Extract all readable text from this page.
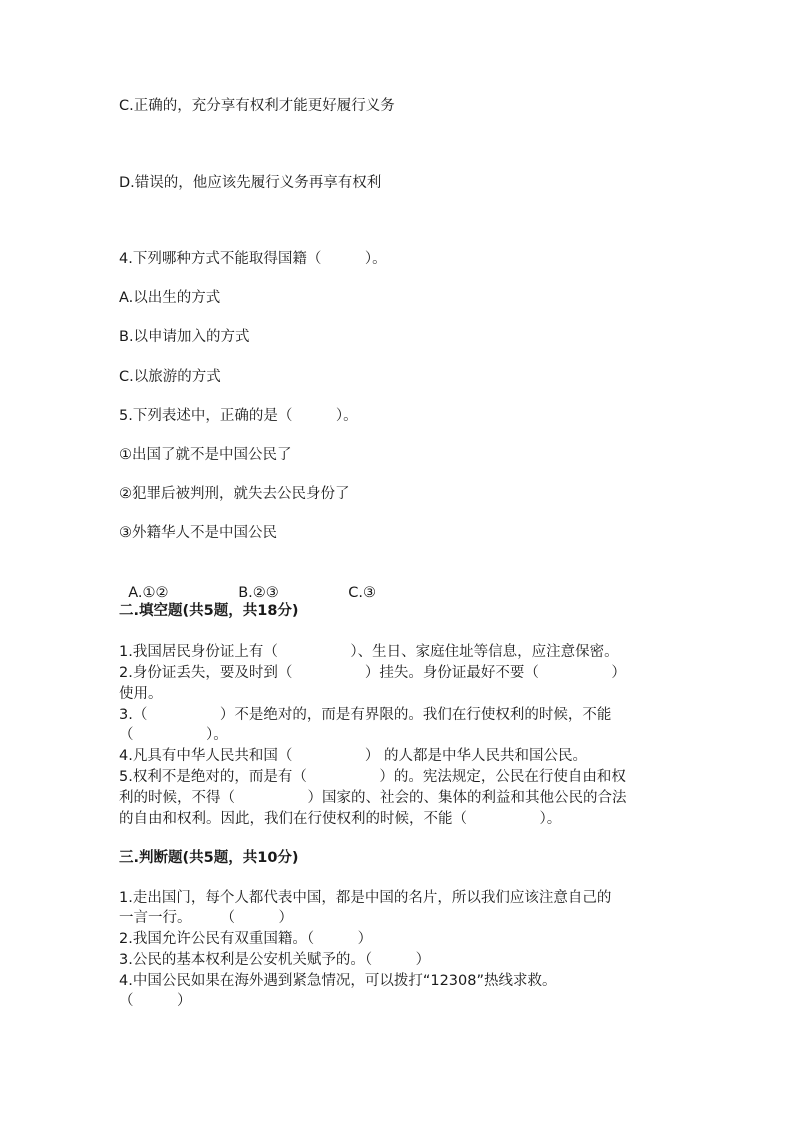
C.正确的，充分享有权利才能更好履行义务

D.错误的，他应该先履行义务再享有权利

4.下列哪种方式不能取得国籍（　　　）。

A.以出生的方式

B.以申请加入的方式

C.以旅游的方式

5.下列表述中，正确的是（　　　）。

①出国了就不是中国公民了

②犯罪后被判刑，就失去公民身份了

③外籍华人不是中国公民

A.①②	B.②③	C.③

二.填空题(共5题，共18分)

1.我国居民身份证上有（　　　　　）、生日、家庭住址等信息，应注意保密。

2.身份证丢失，要及时到（　　　　　）挂失。身份证最好不要（　　　　　）

使用。

3.（　　　　　）不是绝对的，而是有界限的。我们在行使权利的时候，不能

（　　　　　）。

4.凡具有中华人民共和国（　　　　　） 的人都是中华人民共和国公民。

5.权利不是绝对的，而是有（　　　　　）的。宪法规定，公民在行使自由和权

利的时候，不得（　　　　　）国家的、社会的、集体的利益和其他公民的合法

的自由和权利。因此，我们在行使权利的时候，不能（　　　　　）。

三.判断题(共5题，共10分)

1.走出国门，每个人都代表中国，都是中国的名片，所以我们应该注意自己的

一言一行。　　　（　　　）

2.我国允许公民有双重国籍。（　　　）

3.公民的基本权利是公安机关赋予的。（　　　）

4.中国公民如果在海外遇到紧急情况，可以拨打“12308”热线求救。

（　　　）
